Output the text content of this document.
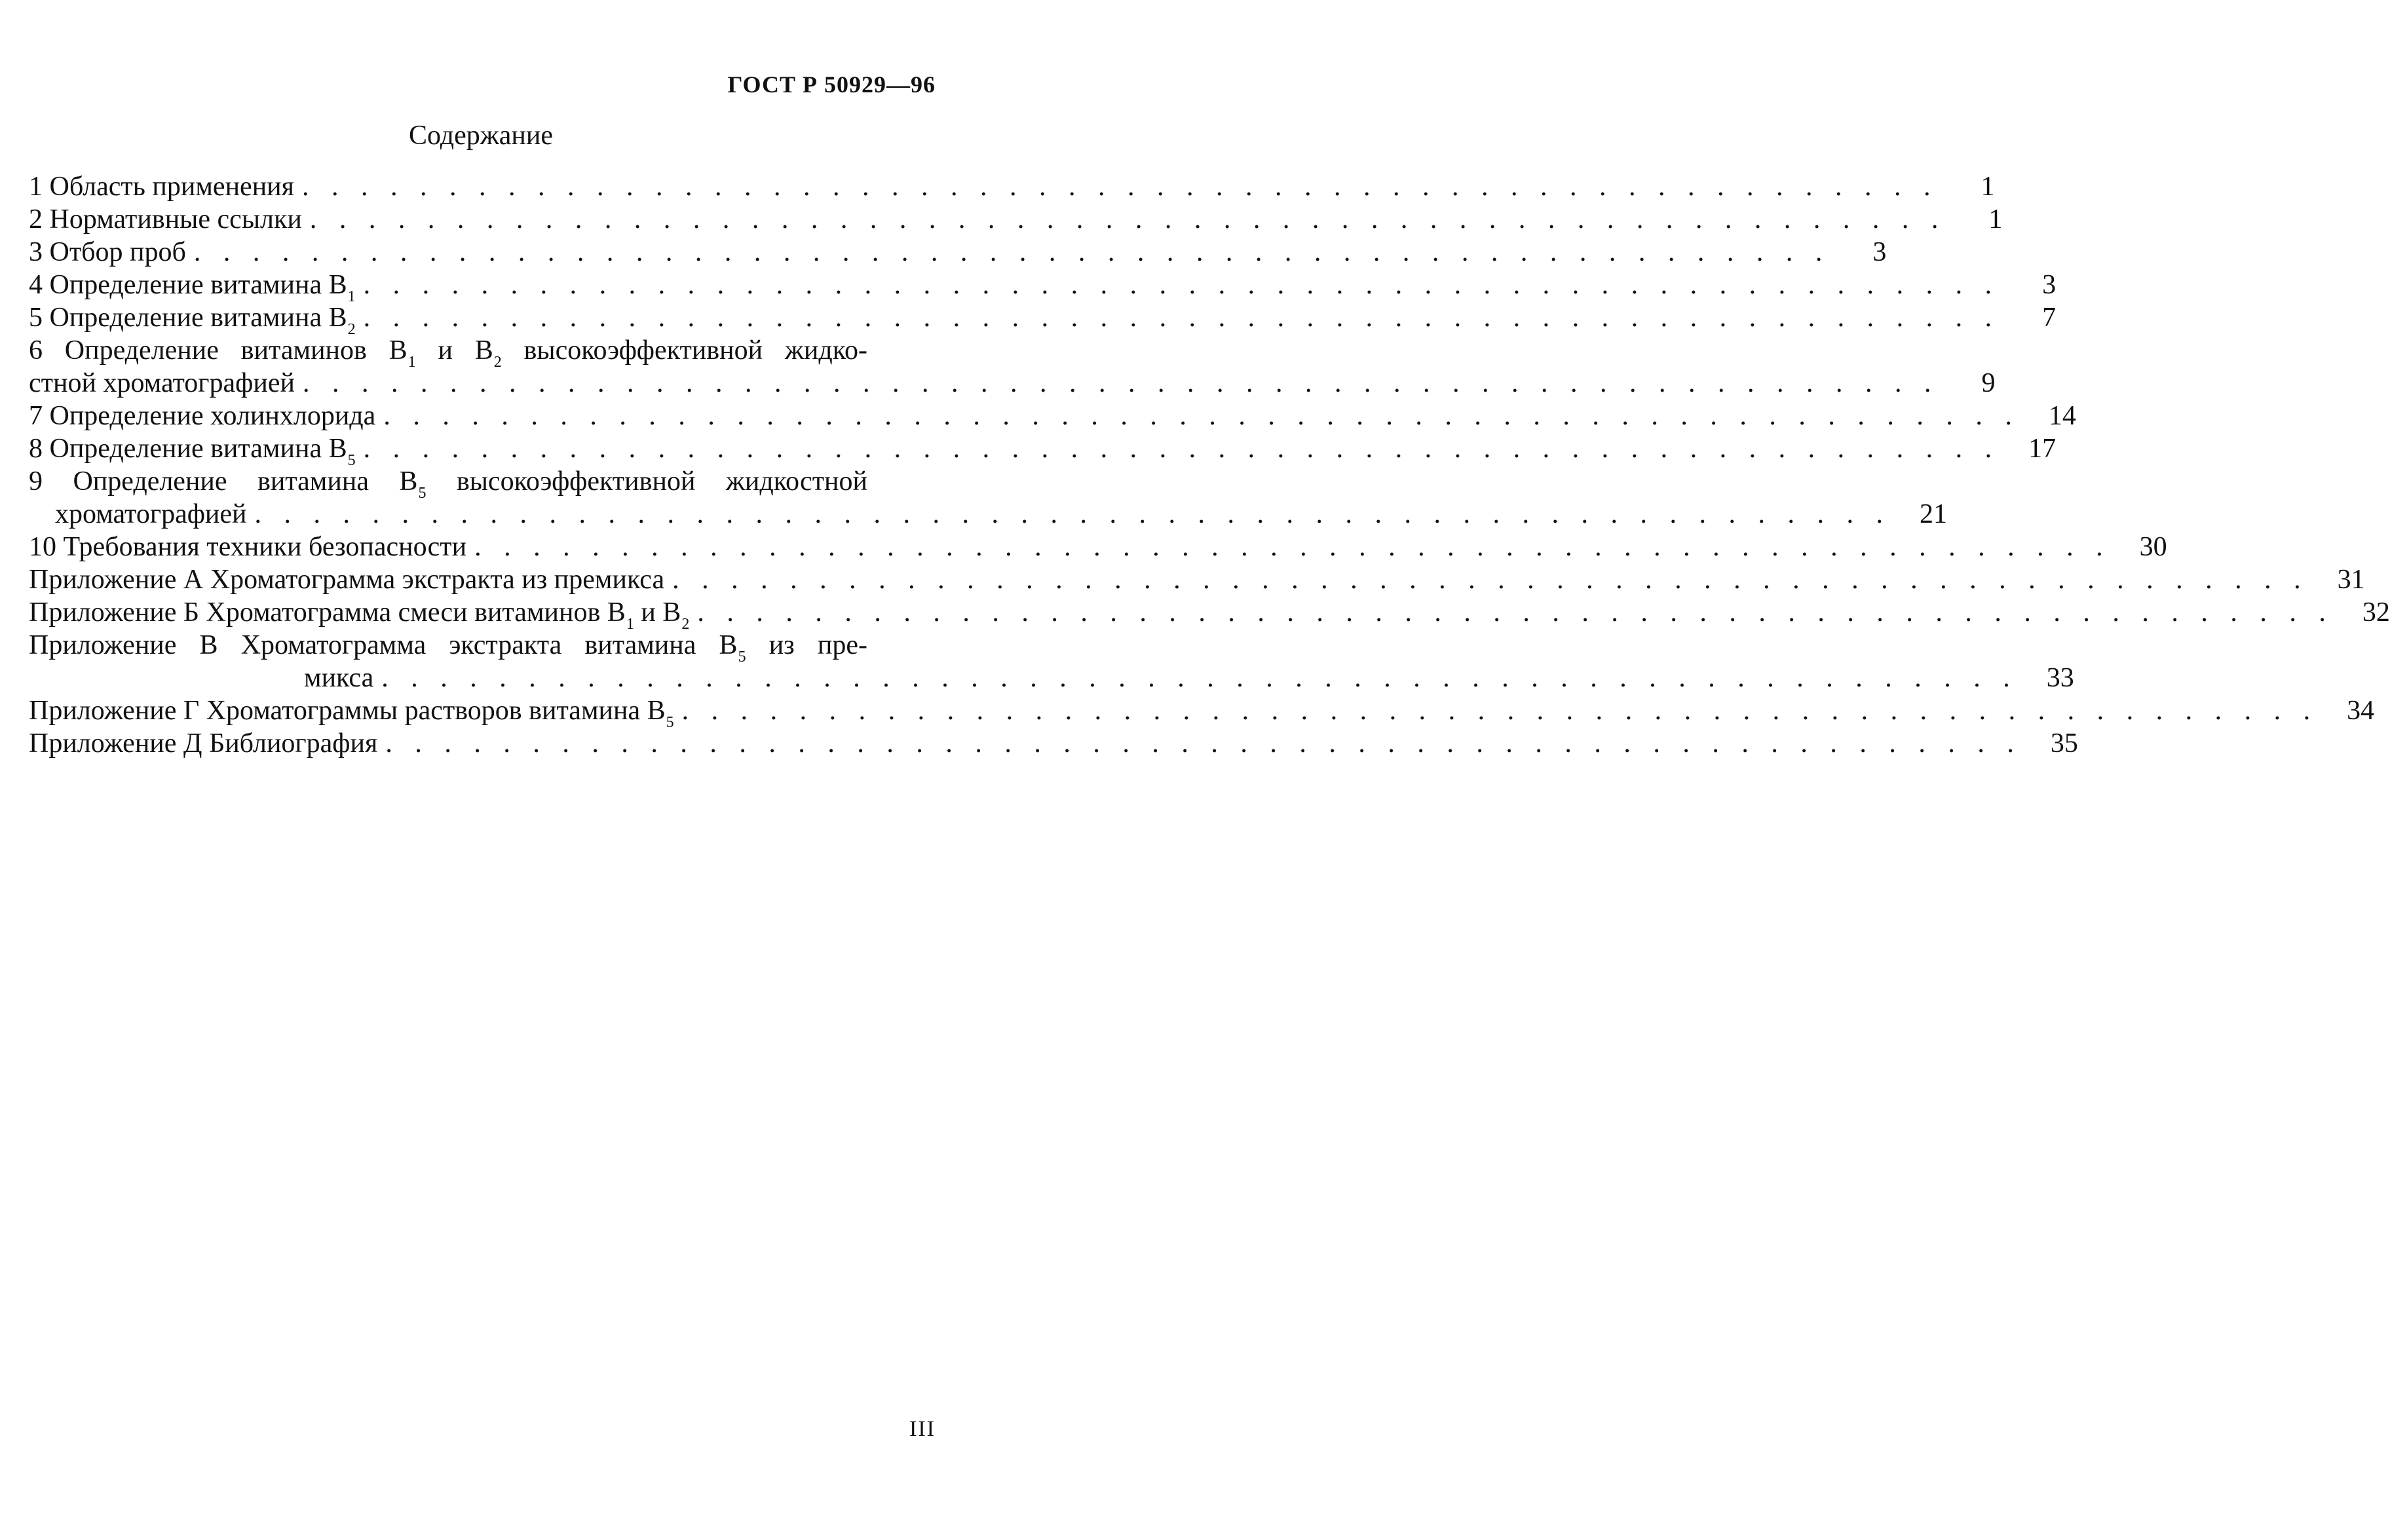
ГОСТ Р 50929—96
Содержание
1 Область применения . . . . . . . . . . . . . . . . . . . . . . . . . . . . . . . . . . . . . . . . . . . . . . . . . . . . . . . .	1
2 Нормативные ссылки . . . . . . . . . . . . . . . . . . . . . . . . . . . . . . . . . . . . . . . . . . . . . . . . . . . . . . . .	1
3 Отбор проб . . . . . . . . . . . . . . . . . . . . . . . . . . . . . . . . . . . . . . . . . . . . . . . . . . . . . . . .	3
4 Определение витамина $В_1$ . . . . . . . . . . . . . . . . . . . . . . . . . . . . . . . . . . . . . . . . . . . . . . . . . . . . . . . .	3
5 Определение витамина $В_2$ . . . . . . . . . . . . . . . . . . . . . . . . . . . . . . . . . . . . . . . . . . . . . . . . . . . . . . . .	7
6 Определение витаминов $В_1$ и $В_2$ высокоэффективной жидко-
стной хроматографией . . . . . . . . . . . . . . . . . . . . . . . . . . . . . . . . . . . . . . . . . . . . . . . . . . . . . . . .	9
7 Определение холинхлорида . . . . . . . . . . . . . . . . . . . . . . . . . . . . . . . . . . . . . . . . . . . . . . . . . . . . . . . .	14
8 Определение витамина $В_5$ . . . . . . . . . . . . . . . . . . . . . . . . . . . . . . . . . . . . . . . . . . . . . . . . . . . . . . . .	17
9 Определение витамина $В_5$ высокоэффективной жидкостной
хроматографией . . . . . . . . . . . . . . . . . . . . . . . . . . . . . . . . . . . . . . . . . . . . . . . . . . . . . . . .	21
10 Требования техники безопасности . . . . . . . . . . . . . . . . . . . . . . . . . . . . . . . . . . . . . . . . . . . . . . . . . . . . . . . .	30
Приложение А Хроматограмма экстракта из премикса . . . . . . . . . . . . . . . . . . . . . . . . . . . . . . . . . . . . . . . . . . . . . . . . . . . . . . . .	31
Приложение Б Хроматограмма смеси витаминов $В_1$ и $В_2$ . . . . . . . . . . . . . . . . . . . . . . . . . . . . . . . . . . . . . . . . . . . . . . . . . . . . . . . .	32
Приложение В Хроматограмма экстракта витамина $В_5$ из пре-
микса . . . . . . . . . . . . . . . . . . . . . . . . . . . . . . . . . . . . . . . . . . . . . . . . . . . . . . . .	33
Приложение Г Хроматограммы растворов витамина $В_5$ . . . . . . . . . . . . . . . . . . . . . . . . . . . . . . . . . . . . . . . . . . . . . . . . . . . . . . . .	34
Приложение Д Библиография . . . . . . . . . . . . . . . . . . . . . . . . . . . . . . . . . . . . . . . . . . . . . . . . . . . . . . . .	35
III
